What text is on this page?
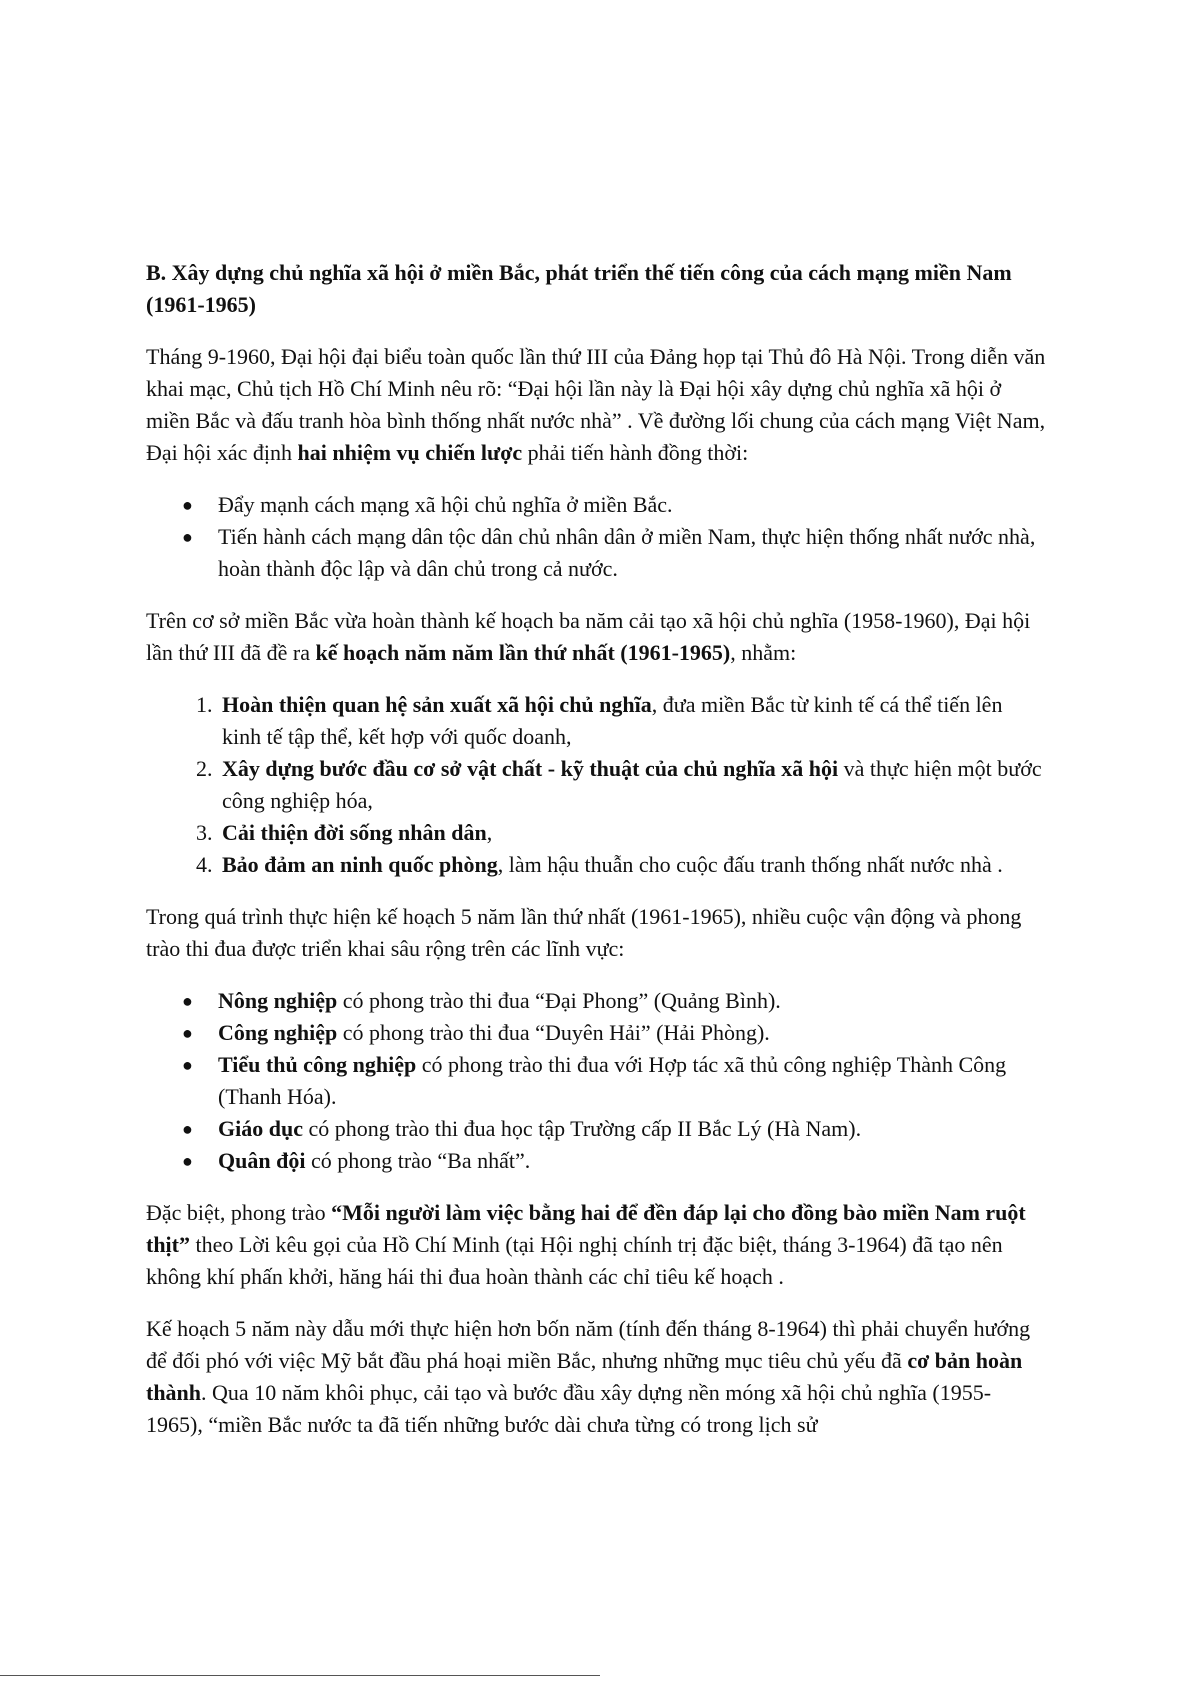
B. Xây dựng chủ nghĩa xã hội ở miền Bắc, phát triển thế tiến công của cách mạng miền Nam (1961-1965)

Tháng 9-1960, Đại hội đại biểu toàn quốc lần thứ III của Đảng họp tại Thủ đô Hà Nội. Trong diễn văn khai mạc, Chủ tịch Hồ Chí Minh nêu rõ: “Đại hội lần này là Đại hội xây dựng chủ nghĩa xã hội ở miền Bắc và đấu tranh hòa bình thống nhất nước nhà” . Về đường lối chung của cách mạng Việt Nam, Đại hội xác định hai nhiệm vụ chiến lược phải tiến hành đồng thời:

● Đẩy mạnh cách mạng xã hội chủ nghĩa ở miền Bắc.
● Tiến hành cách mạng dân tộc dân chủ nhân dân ở miền Nam, thực hiện thống nhất nước nhà, hoàn thành độc lập và dân chủ trong cả nước.

Trên cơ sở miền Bắc vừa hoàn thành kế hoạch ba năm cải tạo xã hội chủ nghĩa (1958-1960), Đại hội lần thứ III đã đề ra kế hoạch năm năm lần thứ nhất (1961-1965), nhằm:

1. Hoàn thiện quan hệ sản xuất xã hội chủ nghĩa, đưa miền Bắc từ kinh tế cá thể tiến lên kinh tế tập thể, kết hợp với quốc doanh,
2. Xây dựng bước đầu cơ sở vật chất - kỹ thuật của chủ nghĩa xã hội và thực hiện một bước công nghiệp hóa,
3. Cải thiện đời sống nhân dân,
4. Bảo đảm an ninh quốc phòng, làm hậu thuẫn cho cuộc đấu tranh thống nhất nước nhà .

Trong quá trình thực hiện kế hoạch 5 năm lần thứ nhất (1961-1965), nhiều cuộc vận động và phong trào thi đua được triển khai sâu rộng trên các lĩnh vực:

● Nông nghiệp có phong trào thi đua “Đại Phong” (Quảng Bình).
● Công nghiệp có phong trào thi đua “Duyên Hải” (Hải Phòng).
● Tiểu thủ công nghiệp có phong trào thi đua với Hợp tác xã thủ công nghiệp Thành Công (Thanh Hóa).
● Giáo dục có phong trào thi đua học tập Trường cấp II Bắc Lý (Hà Nam).
● Quân đội có phong trào “Ba nhất”.

Đặc biệt, phong trào “Mỗi người làm việc bằng hai để đền đáp lại cho đồng bào miền Nam ruột thịt” theo Lời kêu gọi của Hồ Chí Minh (tại Hội nghị chính trị đặc biệt, tháng 3-1964) đã tạo nên không khí phấn khởi, hăng hái thi đua hoàn thành các chỉ tiêu kế hoạch .

Kế hoạch 5 năm này dẫu mới thực hiện hơn bốn năm (tính đến tháng 8-1964) thì phải chuyển hướng để đối phó với việc Mỹ bắt đầu phá hoại miền Bắc, nhưng những mục tiêu chủ yếu đã cơ bản hoàn thành. Qua 10 năm khôi phục, cải tạo và bước đầu xây dựng nền móng xã hội chủ nghĩa (1955-1965), “miền Bắc nước ta đã tiến những bước dài chưa từng có trong lịch sử
